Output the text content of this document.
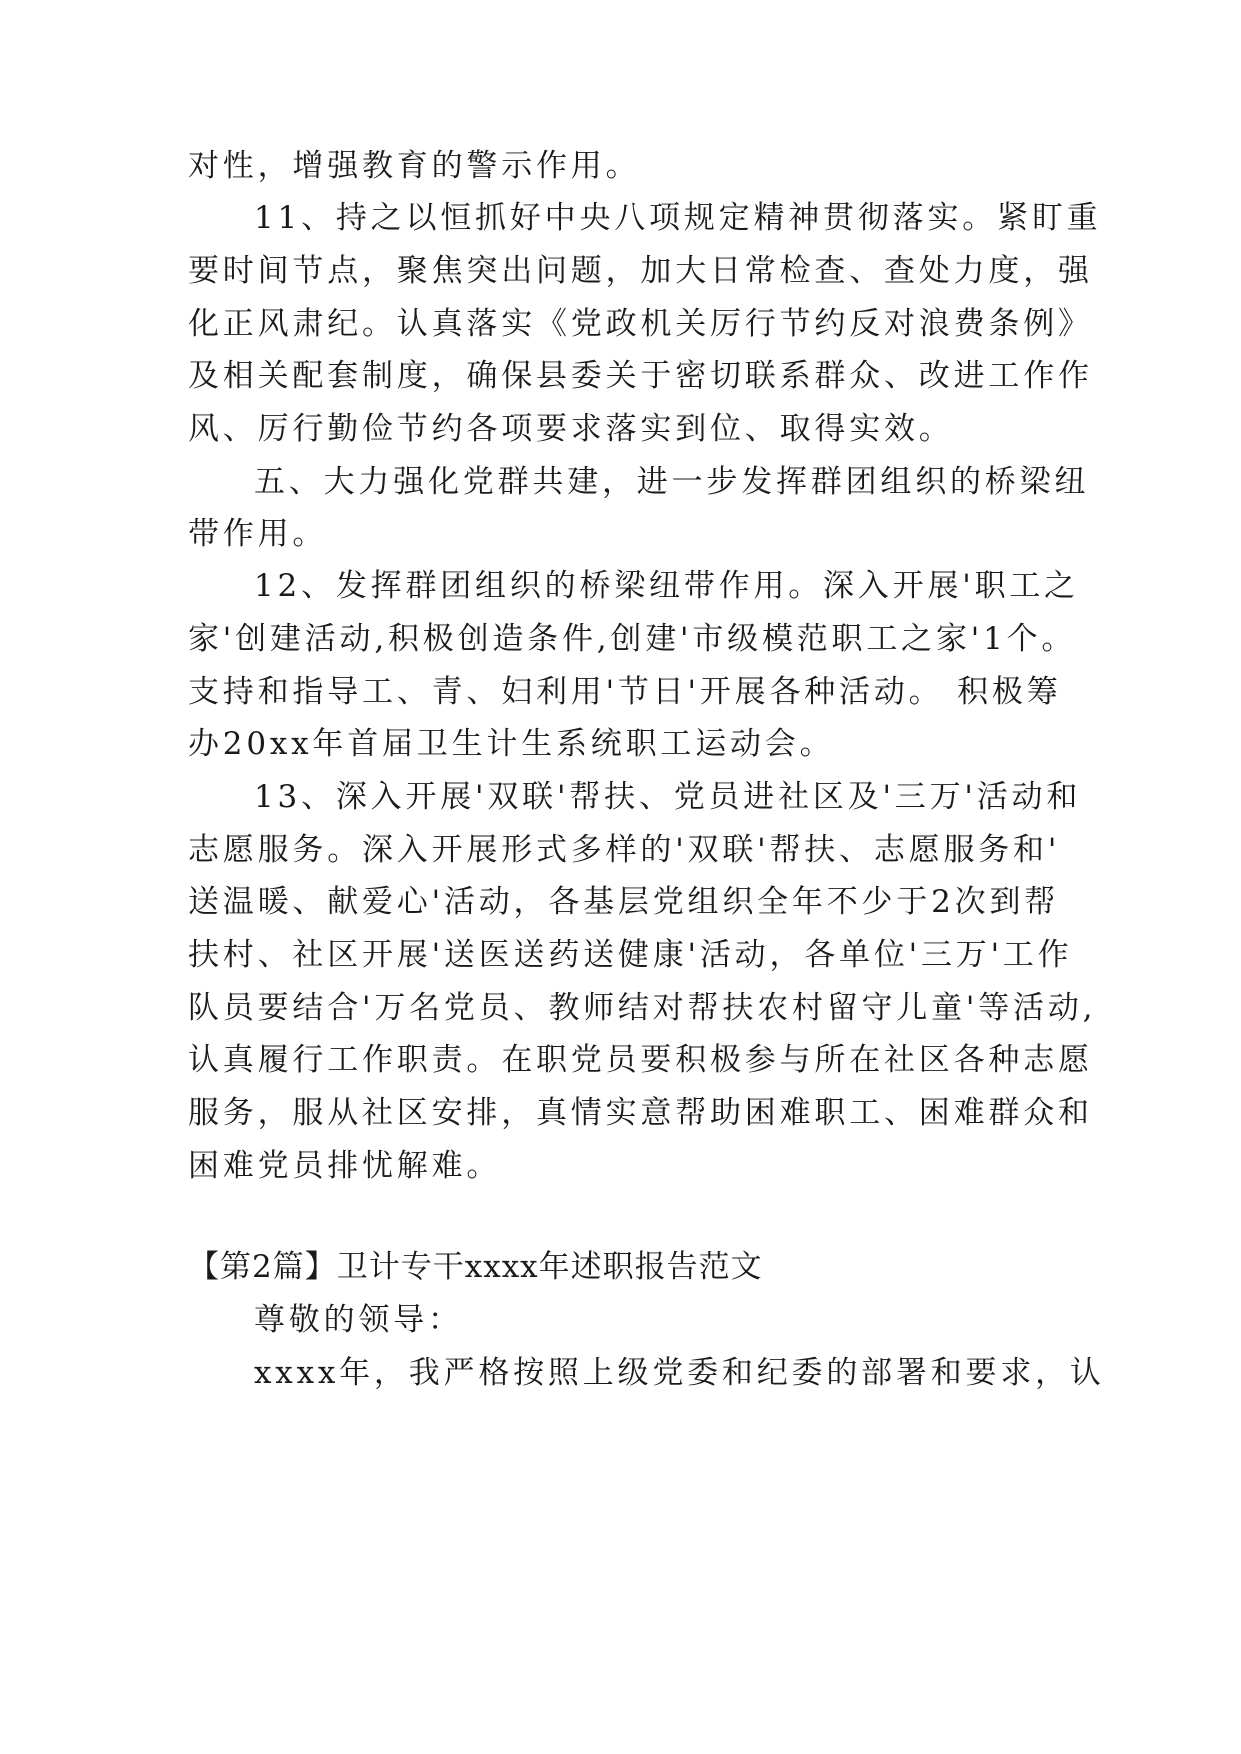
对性，增强教育的警示作用。
11、持之以恒抓好中央八项规定精神贯彻落实。紧盯重
要时间节点，聚焦突出问题，加大日常检查、查处力度，强
化正风肃纪。认真落实《党政机关厉行节约反对浪费条例》
及相关配套制度，确保县委关于密切联系群众、改进工作作
风、厉行勤俭节约各项要求落实到位、取得实效。
五、大力强化党群共建，进一步发挥群团组织的桥梁纽
带作用。
12、发挥群团组织的桥梁纽带作用。深入开展'职工之
家'创建活动,积极创造条件,创建'市级模范职工之家'1个。
支持和指导工、青、妇利用'节日'开展各种活动。 积极筹
办20xx年首届卫生计生系统职工运动会。
13、深入开展'双联'帮扶、党员进社区及'三万'活动和
志愿服务。深入开展形式多样的'双联'帮扶、志愿服务和'
送温暖、献爱心'活动，各基层党组织全年不少于2次到帮
扶村、社区开展'送医送药送健康'活动，各单位'三万'工作
队员要结合'万名党员、教师结对帮扶农村留守儿童'等活动,
认真履行工作职责。在职党员要积极参与所在社区各种志愿
服务，服从社区安排，真情实意帮助困难职工、困难群众和
困难党员排忧解难。
【第2篇】卫计专干xxxx年述职报告范文
尊敬的领导：
xxxx年，我严格按照上级党委和纪委的部署和要求，认
